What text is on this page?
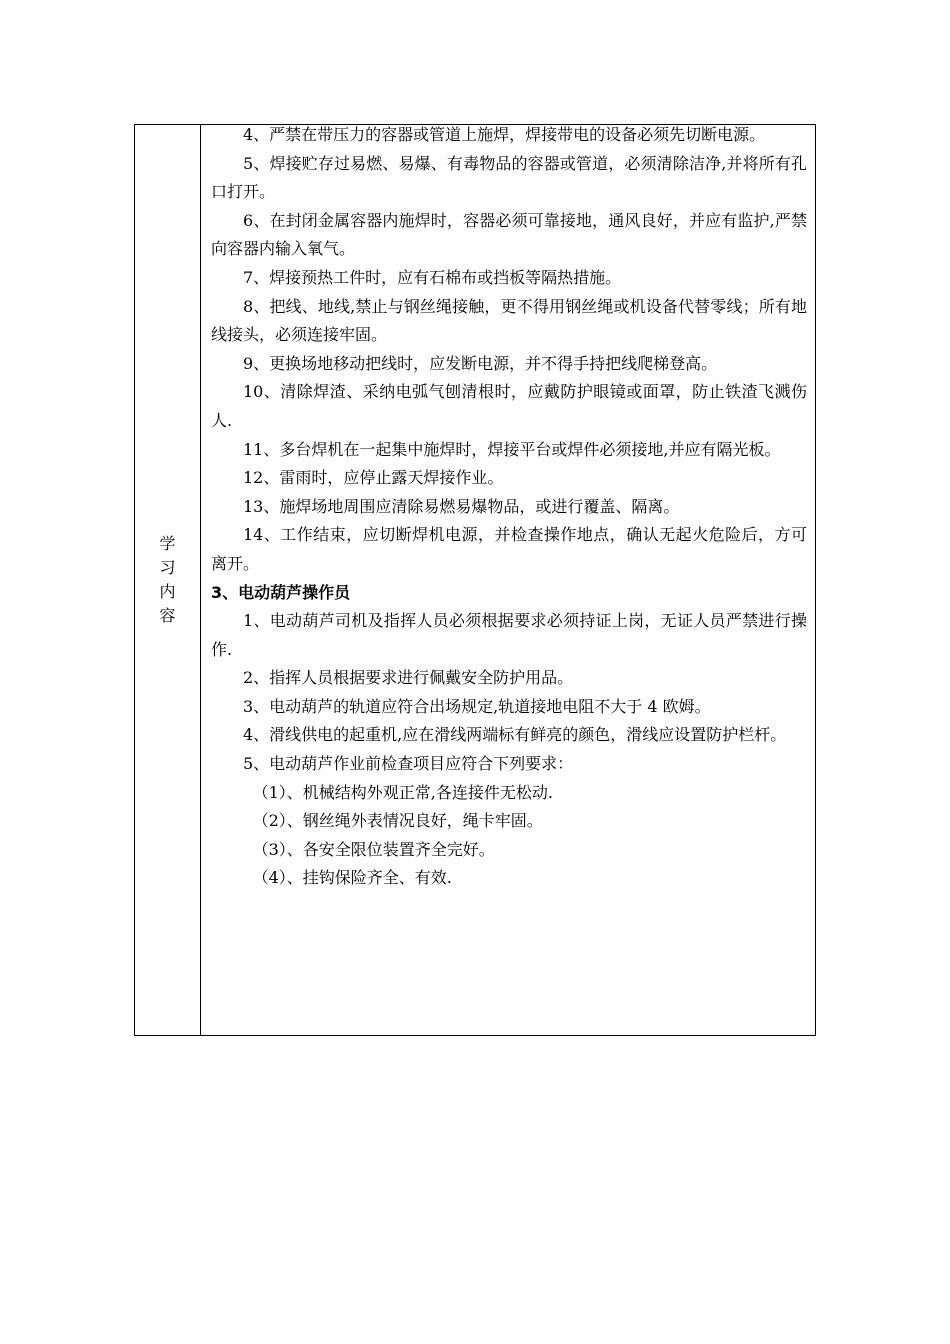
学习内容

4、严禁在带压力的容器或管道上施焊，焊接带电的设备必须先切断电源。

5、焊接贮存过易燃、易爆、有毒物品的容器或管道，必须清除洁净,并将所有孔口打开。

6、在封闭金属容器内施焊时，容器必须可靠接地，通风良好，并应有监护,严禁向容器内输入氧气。

7、焊接预热工件时，应有石棉布或挡板等隔热措施。

8、把线、地线,禁止与钢丝绳接触，更不得用钢丝绳或机设备代替零线；所有地线接头，必须连接牢固。

9、更换场地移动把线时，应发断电源，并不得手持把线爬梯登高。

10、清除焊渣、采纳电弧气刨清根时，应戴防护眼镜或面罩，防止铁渣飞溅伤人.

11、多台焊机在一起集中施焊时，焊接平台或焊件必须接地,并应有隔光板。

12、雷雨时，应停止露天焊接作业。

13、施焊场地周围应清除易燃易爆物品，或进行覆盖、隔离。

14、工作结束，应切断焊机电源，并检查操作地点，确认无起火危险后，方可离开。

3、电动葫芦操作员

1、电动葫芦司机及指挥人员必须根据要求必须持证上岗，无证人员严禁进行操作.

2、指挥人员根据要求进行佩戴安全防护用品。

3、电动葫芦的轨道应符合出场规定,轨道接地电阻不大于 4 欧姆。

4、滑线供电的起重机,应在滑线两端标有鲜亮的颜色，滑线应设置防护栏杆。

5、电动葫芦作业前检查项目应符合下列要求：

（1）、机械结构外观正常,各连接件无松动.

（2）、钢丝绳外表情况良好，绳卡牢固。

（3）、各安全限位装置齐全完好。

（4）、挂钩保险齐全、有效.
